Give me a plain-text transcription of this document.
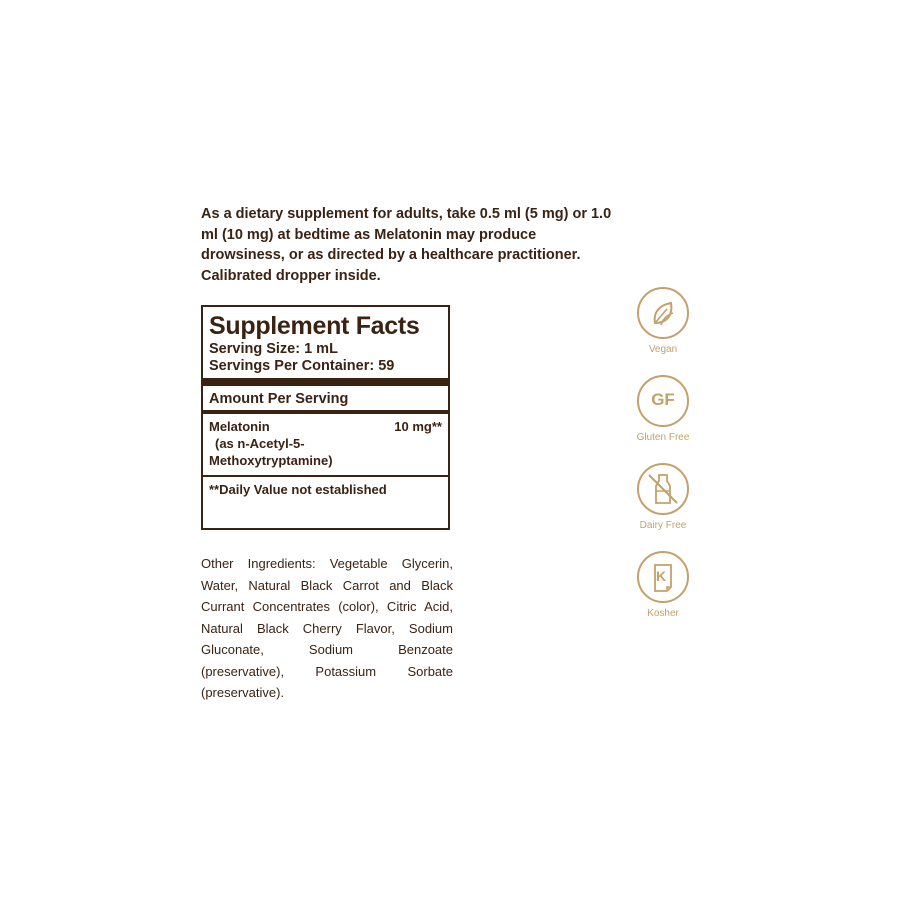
As a dietary supplement for adults, take 0.5 ml (5 mg) or 1.0 ml (10 mg) at bedtime as Melatonin may produce drowsiness, or as directed by a healthcare practitioner. Calibrated dropper inside.
Supplement Facts
Serving Size: 1 mL
Servings Per Container: 59
Amount Per Serving
Melatonin	10 mg**
(as n-Acetyl-5-
Methoxytryptamine)
**Daily Value not established
Other Ingredients: Vegetable Glycerin, Water, Natural Black Carrot and Black Currant Concentrates (color), Citric Acid, Natural Black Cherry Flavor, Sodium Gluconate, Sodium Benzoate (preservative), Potassium Sorbate (preservative).
Vegan
GF
Gluten Free
Dairy Free
K
Kosher
